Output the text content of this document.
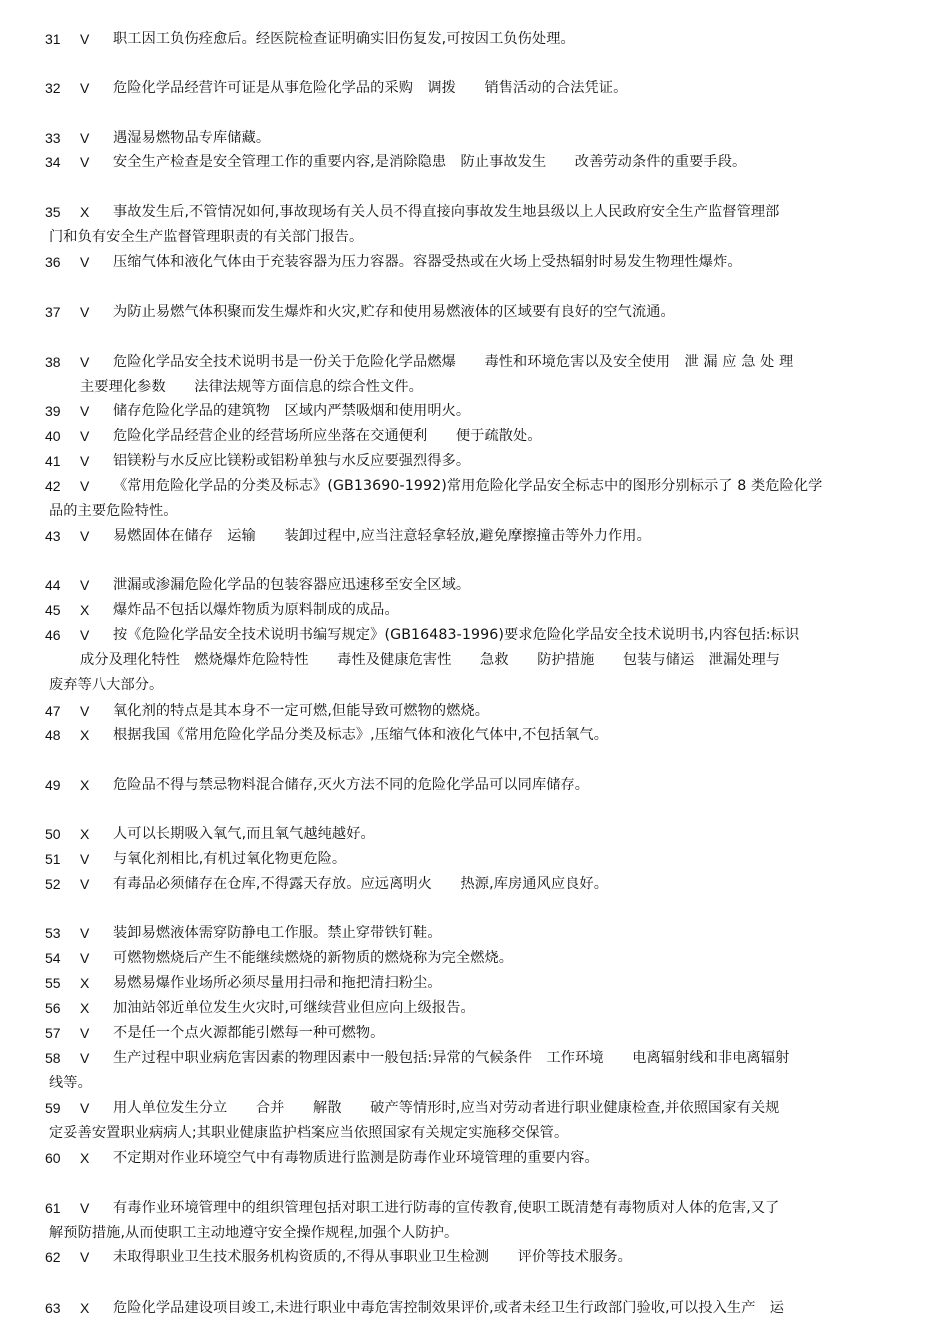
31 V 职工因工负伤痊愈后。经医院检查证明确实旧伤复发,可按因工负伤处理。
32 V 危险化学品经营许可证是从事危险化学品的采购　调拨　　销售活动的合法凭证。
33 V 遇湿易燃物品专库储藏。
34 V 安全生产检查是安全管理工作的重要内容,是消除隐患　防止事故发生　　改善劳动条件的重要手段。
35 X 事故发生后,不管情况如何,事故现场有关人员不得直接向事故发生地县级以上人民政府安全生产监督管理部
门和负有安全生产监督管理职责的有关部门报告。
36 V 压缩气体和液化气体由于充装容器为压力容器。容器受热或在火场上受热辐射时易发生物理性爆炸。
37 V 为防止易燃气体积聚而发生爆炸和火灾,贮存和使用易燃液体的区域要有良好的空气流通。
38 V 危险化学品安全技术说明书是一份关于危险化学品燃爆　　毒性和环境危害以及安全使用　泄 漏 应 急 处 理
主要理化参数　　法律法规等方面信息的综合性文件。
39 V 储存危险化学品的建筑物　区域内严禁吸烟和使用明火。
40 V 危险化学品经营企业的经营场所应坐落在交通便利　　便于疏散处。
41 V 铝镁粉与水反应比镁粉或铝粉单独与水反应要强烈得多。
42 V 《常用危险化学品的分类及标志》(GB13690-1992)常用危险化学品安全标志中的图形分别标示了 8 类危险化学
品的主要危险特性。
43 V 易燃固体在储存　运输　　装卸过程中,应当注意轻拿轻放,避免摩擦撞击等外力作用。
44 V 泄漏或渗漏危险化学品的包装容器应迅速移至安全区域。
45 X 爆炸品不包括以爆炸物质为原料制成的成品。
46 V 按《危险化学品安全技术说明书编写规定》(GB16483-1996)要求危险化学品安全技术说明书,内容包括:标识
成分及理化特性　燃烧爆炸危险特性　　毒性及健康危害性　　急救　　防护措施　　包装与储运　泄漏处理与
废弃等八大部分。
47 V 氧化剂的特点是其本身不一定可燃,但能导致可燃物的燃烧。
48 X 根据我国《常用危险化学品分类及标志》,压缩气体和液化气体中,不包括氧气。
49 X 危险品不得与禁忌物料混合储存,灭火方法不同的危险化学品可以同库储存。
50 X 人可以长期吸入氧气,而且氧气越纯越好。
51 V 与氧化剂相比,有机过氧化物更危险。
52 V 有毒品必须储存在仓库,不得露天存放。应远离明火　　热源,库房通风应良好。
53 V 装卸易燃液体需穿防静电工作服。禁止穿带铁钉鞋。
54 V 可燃物燃烧后产生不能继续燃烧的新物质的燃烧称为完全燃烧。
55 X 易燃易爆作业场所必须尽量用扫帚和拖把清扫粉尘。
56 X 加油站邻近单位发生火灾时,可继续营业但应向上级报告。
57 V 不是任一个点火源都能引燃每一种可燃物。
58 V 生产过程中职业病危害因素的物理因素中一般包括:异常的气候条件　工作环境　　电离辐射线和非电离辐射
线等。
59 V 用人单位发生分立　　合并　　解散　　破产等情形时,应当对劳动者进行职业健康检查,并依照国家有关规
定妥善安置职业病病人;其职业健康监护档案应当依照国家有关规定实施移交保管。
60 X 不定期对作业环境空气中有毒物质进行监测是防毒作业环境管理的重要内容。
61 V 有毒作业环境管理中的组织管理包括对职工进行防毒的宣传教育,使职工既清楚有毒物质对人体的危害,又了
解预防措施,从而使职工主动地遵守安全操作规程,加强个人防护。
62 V 未取得职业卫生技术服务机构资质的,不得从事职业卫生检测　　评价等技术服务。
63 X 危险化学品建设项目竣工,未进行职业中毒危害控制效果评价,或者未经卫生行政部门验收,可以投入生产　运
